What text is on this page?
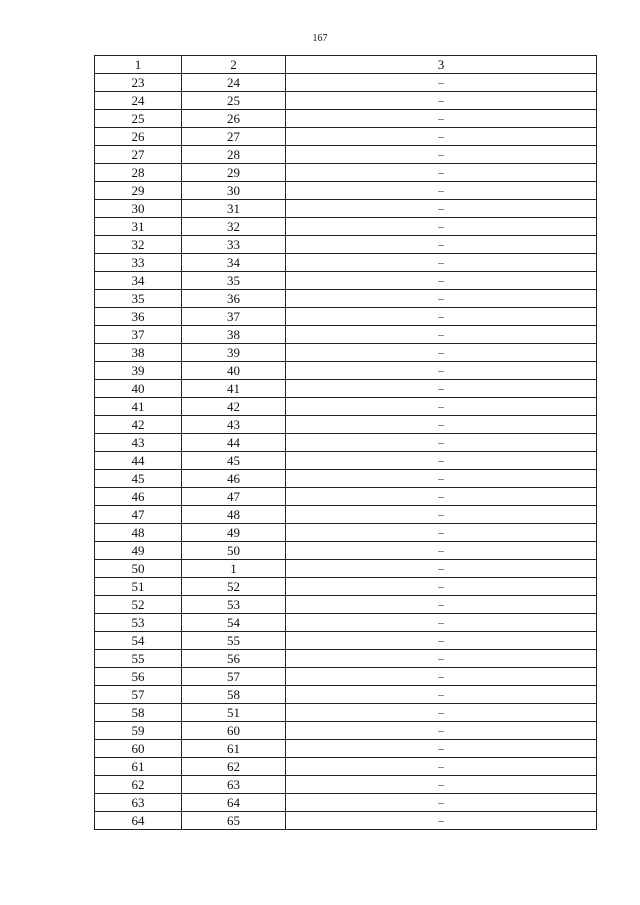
167
1	2	3
23	24	–
24	25	–
25	26	–
26	27	–
27	28	–
28	29	–
29	30	–
30	31	–
31	32	–
32	33	–
33	34	–
34	35	–
35	36	–
36	37	–
37	38	–
38	39	–
39	40	–
40	41	–
41	42	–
42	43	–
43	44	–
44	45	–
45	46	–
46	47	–
47	48	–
48	49	–
49	50	–
50	1	–
51	52	–
52	53	–
53	54	–
54	55	–
55	56	–
56	57	–
57	58	–
58	51	–
59	60	–
60	61	–
61	62	–
62	63	–
63	64	–
64	65	–
